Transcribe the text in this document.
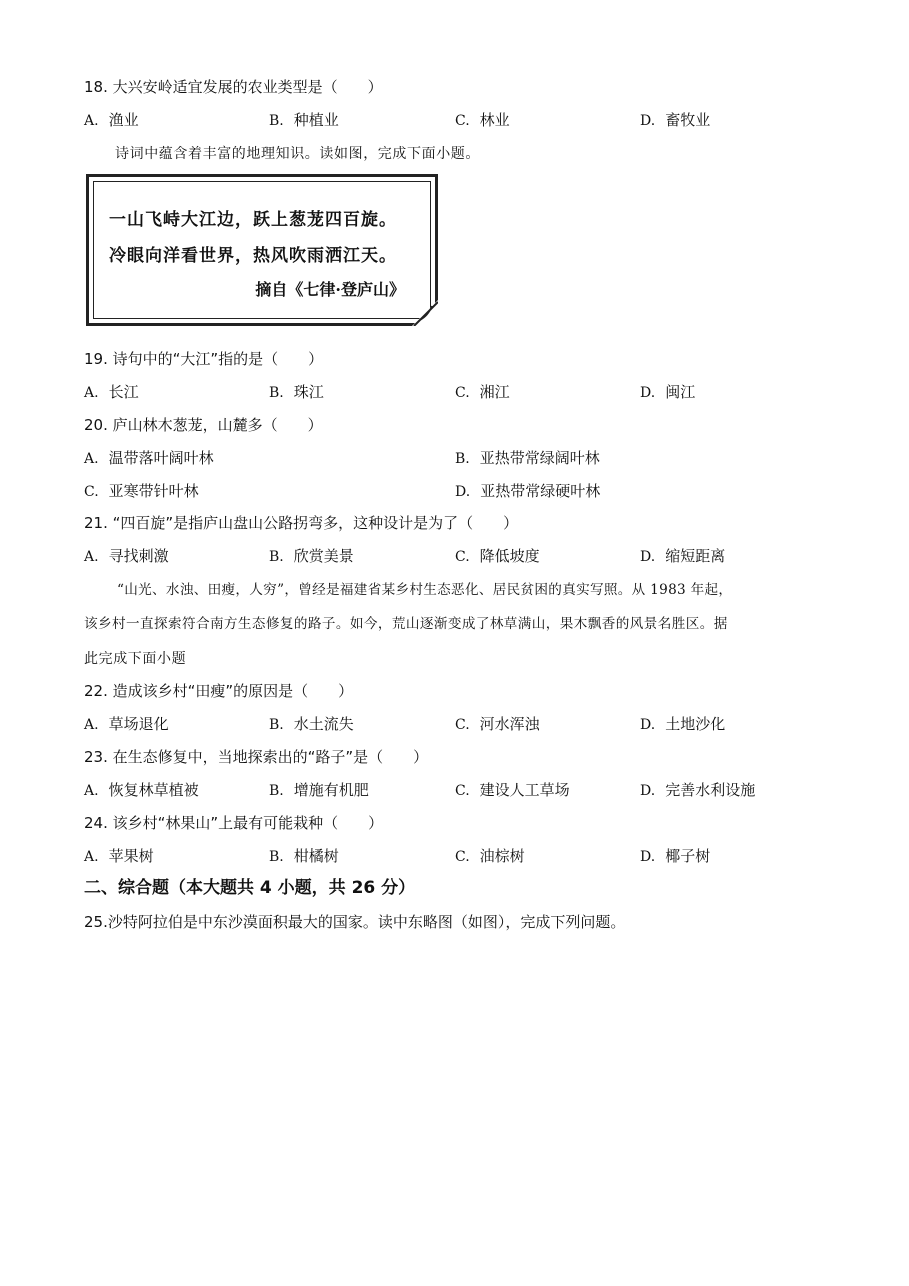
18. 大兴安岭适宜发展的农业类型是（　　）
A. 渔业	B. 种植业	C. 林业	D. 畜牧业
诗词中蕴含着丰富的地理知识。读如图，完成下面小题。
一山飞峙大江边，跃上葱茏四百旋。
冷眼向洋看世界，热风吹雨洒江天。
摘自《七律·登庐山》
19. 诗句中的“大江”指的是（　　）
A. 长江	B. 珠江	C. 湘江	D. 闽江
20. 庐山林木葱茏，山麓多（　　）
A. 温带落叶阔叶林	B. 亚热带常绿阔叶林
C. 亚寒带针叶林	D. 亚热带常绿硬叶林
21. “四百旋”是指庐山盘山公路拐弯多，这种设计是为了（　　）
A. 寻找刺激	B. 欣赏美景	C. 降低坡度	D. 缩短距离
“山光、水浊、田瘦，人穷”，曾经是福建省某乡村生态恶化、居民贫困的真实写照。从 1983 年起，
该乡村一直探索符合南方生态修复的路子。如今，荒山逐渐变成了林草满山，果木飘香的风景名胜区。据
此完成下面小题
22. 造成该乡村“田瘦”的原因是（　　）
A. 草场退化	B. 水土流失	C. 河水浑浊	D. 土地沙化
23. 在生态修复中，当地探索出的“路子”是（　　）
A. 恢复林草植被	B. 增施有机肥	C. 建设人工草场	D. 完善水利设施
24. 该乡村“林果山”上最有可能栽种（　　）
A. 苹果树	B. 柑橘树	C. 油棕树	D. 椰子树
二、综合题（本大题共 4 小题，共 26 分）
25.沙特阿拉伯是中东沙漠面积最大的国家。读中东略图（如图），完成下列问题。
